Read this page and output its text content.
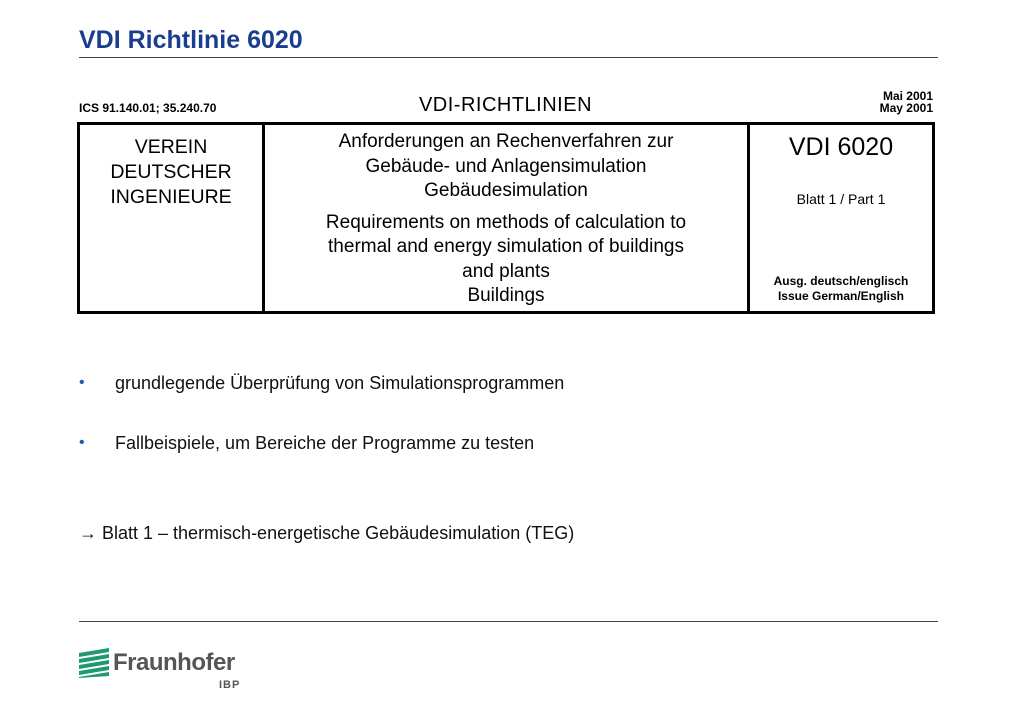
VDI Richtlinie 6020
ICS 91.140.01; 35.240.70	VDI-RICHTLINIEN	Mai 2001
May 2001
VEREIN
DEUTSCHER
INGENIEURE
Anforderungen an Rechenverfahren zur
Gebäude- und Anlagensimulation
Gebäudesimulation
Requirements on methods of calculation to
thermal and energy simulation of buildings
and plants
Buildings
VDI 6020
Blatt 1 / Part 1
Ausg. deutsch/englisch
Issue German/English
• grundlegende Überprüfung von Simulationsprogrammen
• Fallbeispiele, um Bereiche der Programme zu testen
→ Blatt 1 – thermisch-energetische Gebäudesimulation (TEG)
Fraunhofer
IBP
